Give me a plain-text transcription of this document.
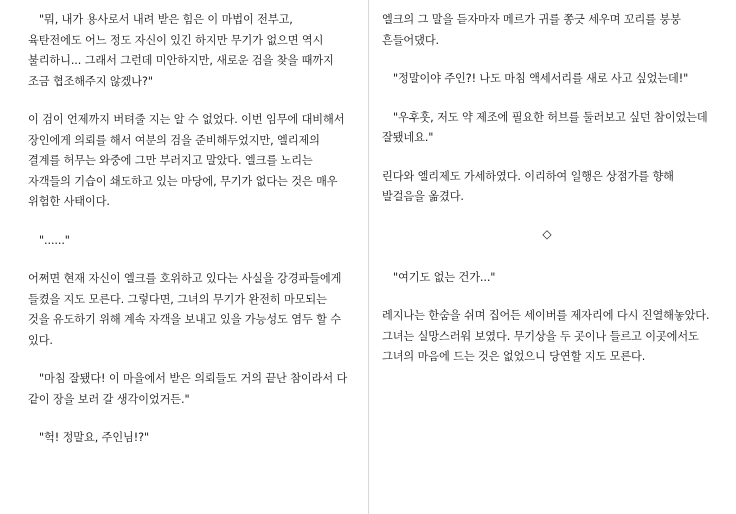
"뭐, 내가 용사로서 내려 받은 힘은 이 마법이 전부고, 육탄전에도 어느 정도 자신이 있긴 하지만 무기가 없으면 역시 불리하니... 그래서 그런데 미안하지만, 새로운 검을 찾을 때까지 조금 협조해주지 않겠나?"

이 검이 언제까지 버텨줄 지는 알 수 없었다. 이번 임무에 대비해서 장인에게 의뢰를 해서 여분의 검을 준비해두었지만, 엘리제의 결계를 허무는 와중에 그만 부러지고 말았다. 엘크를 노리는 자객들의 기습이 쇄도하고 있는 마당에, 무기가 없다는 것은 매우 위험한 사태이다.

"......"

어쩌면 현재 자신이 엘크를 호위하고 있다는 사실을 강경파들에게 들켰을 지도 모른다. 그렇다면, 그녀의 무기가 완전히 마모되는 것을 유도하기 위해 계속 자객을 보내고 있을 가능성도 염두 할 수 있다.

"마침 잘됐다! 이 마을에서 받은 의뢰들도 거의 끝난 참이라서 다 같이 장을 보러 갈 생각이었거든."

"헉! 정말요, 주인님!?"

엘크의 그 말을 듣자마자 메르가 귀를 쫑긋 세우며 꼬리를 붕붕 흔들어댔다.

"정말이야 주인?! 나도 마침 액세서리를 새로 사고 싶었는데!"

"우후훗, 저도 약 제조에 필요한 허브를 둘러보고 싶던 참이었는데 잘됐네요."

린다와 엘리제도 가세하였다. 이리하여 일행은 상점가를 향해 발걸음을 옮겼다.

◇

"여기도 없는 건가..."

레지나는 한숨을 쉬며 집어든 세이버를 제자리에 다시 진열해놓았다. 그녀는 실망스러워 보였다. 무기상을 두 곳이나 들르고 이곳에서도 그녀의 마음에 드는 것은 없었으니 당연할 지도 모른다.
